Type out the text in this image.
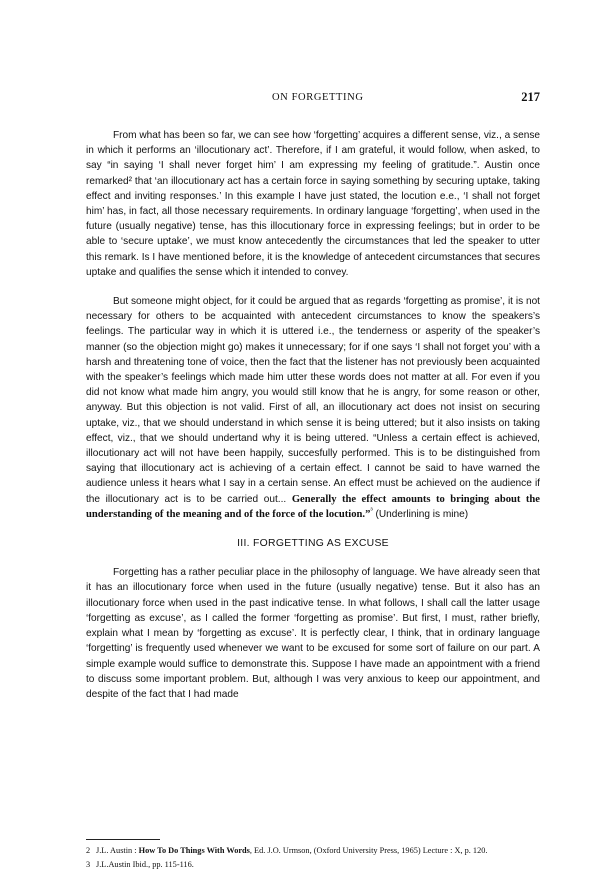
ON FORGETTING	217

From what has been so far, we can see how ‘forgetting’ acquires a different sense, viz., a sense in which it performs an ‘illocutionary act’. Therefore, if I am grateful, it would follow, when asked, to say “in saying ‘I shall never forget him’ I am expressing my feeling of gratitude.”. Austin once remarked² that ‘an illocutionary act has a certain force in saying something by securing uptake, taking effect and inviting responses.’ In this example I have just stated, the locution e.e., ‘I shall not forget him’ has, in fact, all those necessary requirements. In ordinary language ‘forgetting’, when used in the future (usually negative) tense, has this illocutionary force in expressing feelings; but in order to be able to ‘secure uptake’, we must know antecedently the circumstances that led the speaker to utter this remark. Is I have mentioned before, it is the knowledge of antecedent circumstances that secures uptake and qualifies the sense which it intended to convey.

But someone might object, for it could be argued that as regards ‘forgetting as promise’, it is not necessary for others to be acquainted with antecedent circumstances to know the speakers’s feelings. The particular way in which it is uttered i.e., the tenderness or asperity of the speaker’s manner (so the objection might go) makes it unnecessary; for if one says ‘I shall not forget you’ with a harsh and threatening tone of voice, then the fact that the listener has not previously been acquainted with the speaker’s feelings which made him utter these words does not matter at all. For even if you did not know what made him angry, you would still know that he is angry, for some reason or other, anyway. But this objection is not valid. First of all, an illocutionary act does not insist on securing uptake, viz., that we should understand in which sense it is being uttered; but it also insists on taking effect, viz., that we should undertand why it is being uttered. “Unless a certain effect is achieved, illocutionary act will not have been happily, succesfully performed. This is to be distinguished from saying that illocutionary act is achieving of a certain effect. I cannot be said to have warned the audience unless it hears what I say in a certain sense. An effect must be achieved on the audience if the illocutionary act is to be carried out... Generally the effect amounts to bringing about the understanding of the meaning and of the force of the locution.”$^{^3}$ (Underlining is mine)

III. FORGETTING AS EXCUSE

Forgetting has a rather peculiar place in the philosophy of language. We have already seen that it has an illocutionary force when used in the future (usually negative) tense. But it also has an illocutionary force when used in the past indicative tense. In what follows, I shall call the latter usage ‘forgetting as excuse’, as I called the former ‘forgetting as promise’. But first, I must, rather briefly, explain what I mean by ‘forgetting as excuse’. It is perfectly clear, I think, that in ordinary language ‘forgetting’ is frequently used whenever we want to be excused for some sort of failure on our part. A simple example would suffice to demonstrate this. Suppose I have made an appointment with a friend to discuss some important problem. But, although I was very anxious to keep our appointment, and despite of the fact that I had made

2 J.L. Austin : How To Do Things With Words, Ed. J.O. Urmson, (Oxford University Press, 1965) Lecture : X, p. 120.
3 J.L.Austin Ibid., pp. 115-116.
